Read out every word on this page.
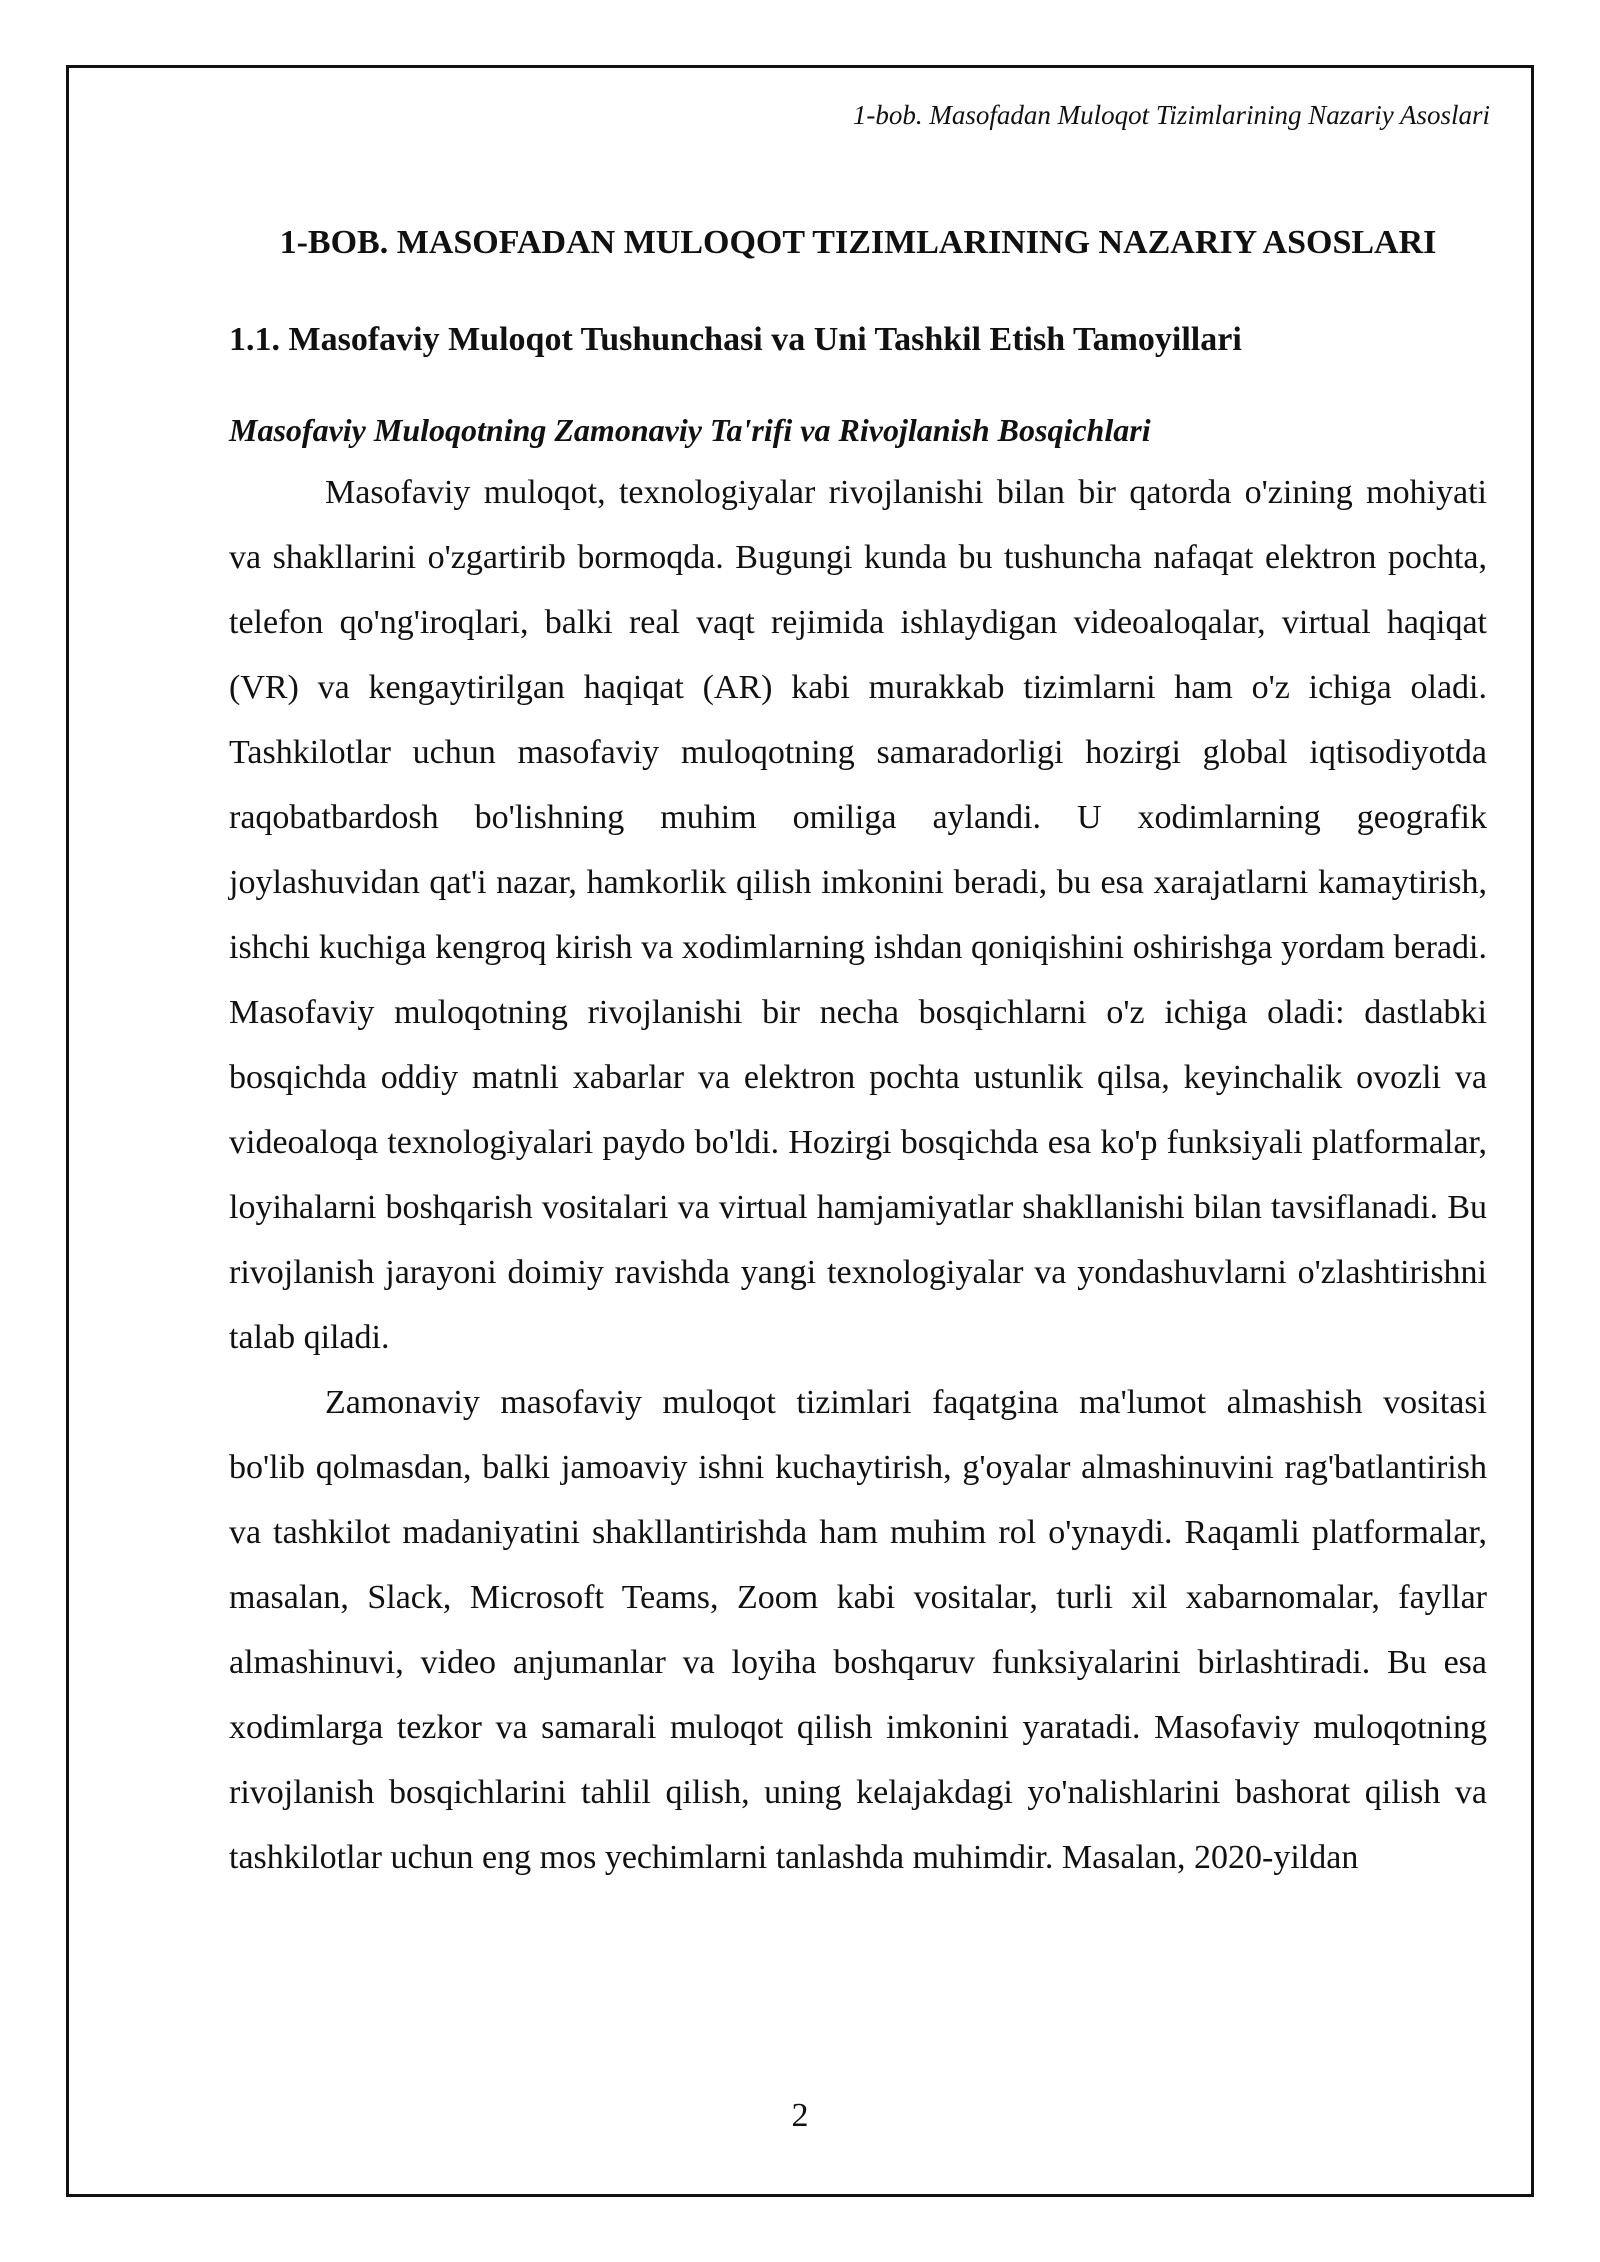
1-bob. Masofadan Muloqot Tizimlarining Nazariy Asoslari
1-BOB. MASOFADAN MULOQOT TIZIMLARINING NAZARIY ASOSLARI
1.1. Masofaviy Muloqot Tushunchasi va Uni Tashkil Etish Tamoyillari
Masofaviy Muloqotning Zamonaviy Ta'rifi va Rivojlanish Bosqichlari

Masofaviy muloqot, texnologiyalar rivojlanishi bilan bir qatorda o'zining mohiyati va shakllarini o'zgartirib bormoqda. Bugungi kunda bu tushuncha nafaqat elektron pochta, telefon qo'ng'iroqlari, balki real vaqt rejimida ishlaydigan videoaloqalar, virtual haqiqat (VR) va kengaytirilgan haqiqat (AR) kabi murakkab tizimlarni ham o'z ichiga oladi. Tashkilotlar uchun masofaviy muloqotning samaradorligi hozirgi global iqtisodiyotda raqobatbardosh bo'lishning muhim omiliga aylandi. U xodimlarning geografik joylashuvidan qat'i nazar, hamkorlik qilish imkonini beradi, bu esa xarajatlarni kamaytirish, ishchi kuchiga kengroq kirish va xodimlarning ishdan qoniqishini oshirishga yordam beradi. Masofaviy muloqotning rivojlanishi bir necha bosqichlarni o'z ichiga oladi: dastlabki bosqichda oddiy matnli xabarlar va elektron pochta ustunlik qilsa, keyinchalik ovozli va videoaloqa texnologiyalari paydo bo'ldi. Hozirgi bosqichda esa ko'p funksiyali platformalar, loyihalarni boshqarish vositalari va virtual hamjamiyatlar shakllanishi bilan tavsiflanadi. Bu rivojlanish jarayoni doimiy ravishda yangi texnologiyalar va yondashuvlarni o'zlashtirishni talab qiladi.

Zamonaviy masofaviy muloqot tizimlari faqatgina ma'lumot almashish vositasi bo'lib qolmasdan, balki jamoaviy ishni kuchaytirish, g'oyalar almashinuvini rag'batlantirish va tashkilot madaniyatini shakllantirishda ham muhim rol o'ynaydi. Raqamli platformalar, masalan, Slack, Microsoft Teams, Zoom kabi vositalar, turli xil xabarnomalar, fayllar almashinuvi, video anjumanlar va loyiha boshqaruv funksiyalarini birlashtiradi. Bu esa xodimlarga tezkor va samarali muloqot qilish imkonini yaratadi. Masofaviy muloqotning rivojlanish bosqichlarini tahlil qilish, uning kelajakdagi yo'nalishlarini bashorat qilish va tashkilotlar uchun eng mos yechimlarni tanlashda muhimdir. Masalan, 2020-yildan

2
